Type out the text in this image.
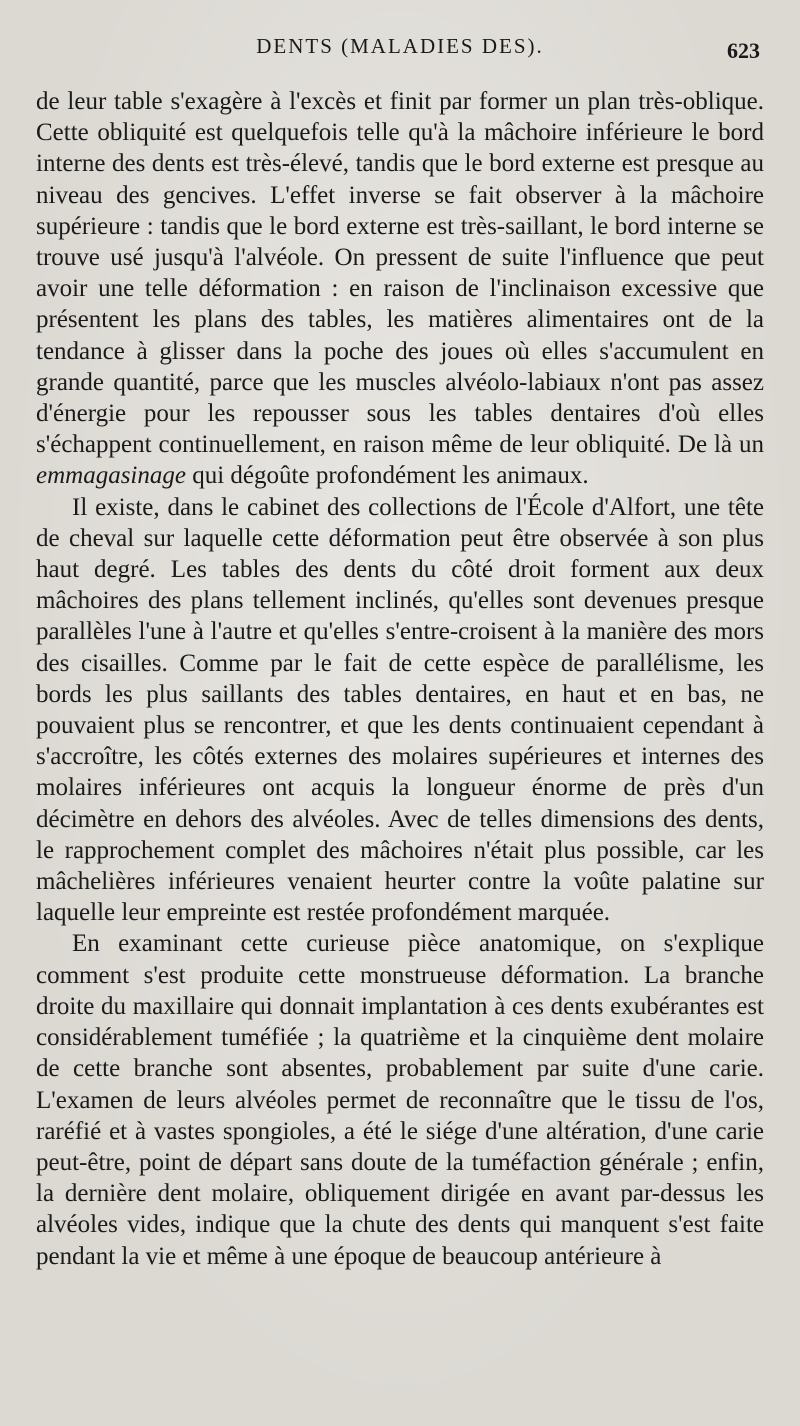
DENTS (MALADIES DES).	623

de leur table s'exagère à l'excès et finit par former un plan très-oblique. Cette obliquité est quelquefois telle qu'à la mâchoire inférieure le bord interne des dents est très-élevé, tandis que le bord externe est presque au niveau des gencives. L'effet inverse se fait observer à la mâchoire supérieure : tandis que le bord externe est très-saillant, le bord interne se trouve usé jusqu'à l'alvéole. On pressent de suite l'influence que peut avoir une telle déformation : en raison de l'inclinaison excessive que présentent les plans des tables, les matières alimentaires ont de la tendance à glisser dans la poche des joues où elles s'accumulent en grande quantité, parce que les muscles alvéolo-labiaux n'ont pas assez d'énergie pour les repousser sous les tables dentaires d'où elles s'échappent continuellement, en raison même de leur obliquité. De là un emmagasinage qui dégoûte profondément les animaux.

Il existe, dans le cabinet des collections de l'École d'Alfort, une tête de cheval sur laquelle cette déformation peut être observée à son plus haut degré. Les tables des dents du côté droit forment aux deux mâchoires des plans tellement inclinés, qu'elles sont devenues presque parallèles l'une à l'autre et qu'elles s'entre-croisent à la manière des mors des cisailles. Comme par le fait de cette espèce de parallélisme, les bords les plus saillants des tables dentaires, en haut et en bas, ne pouvaient plus se rencontrer, et que les dents continuaient cependant à s'accroître, les côtés externes des molaires supérieures et internes des molaires inférieures ont acquis la longueur énorme de près d'un décimètre en dehors des alvéoles. Avec de telles dimensions des dents, le rapprochement complet des mâchoires n'était plus possible, car les mâchelières inférieures venaient heurter contre la voûte palatine sur laquelle leur empreinte est restée profondément marquée.

En examinant cette curieuse pièce anatomique, on s'explique comment s'est produite cette monstrueuse déformation. La branche droite du maxillaire qui donnait implantation à ces dents exubérantes est considérablement tuméfiée ; la quatrième et la cinquième dent molaire de cette branche sont absentes, probablement par suite d'une carie. L'examen de leurs alvéoles permet de reconnaître que le tissu de l'os, raréfié et à vastes spongioles, a été le siége d'une altération, d'une carie peut-être, point de départ sans doute de la tuméfaction générale ; enfin, la dernière dent molaire, obliquement dirigée en avant par-dessus les alvéoles vides, indique que la chute des dents qui manquent s'est faite pendant la vie et même à une époque de beaucoup antérieure à
